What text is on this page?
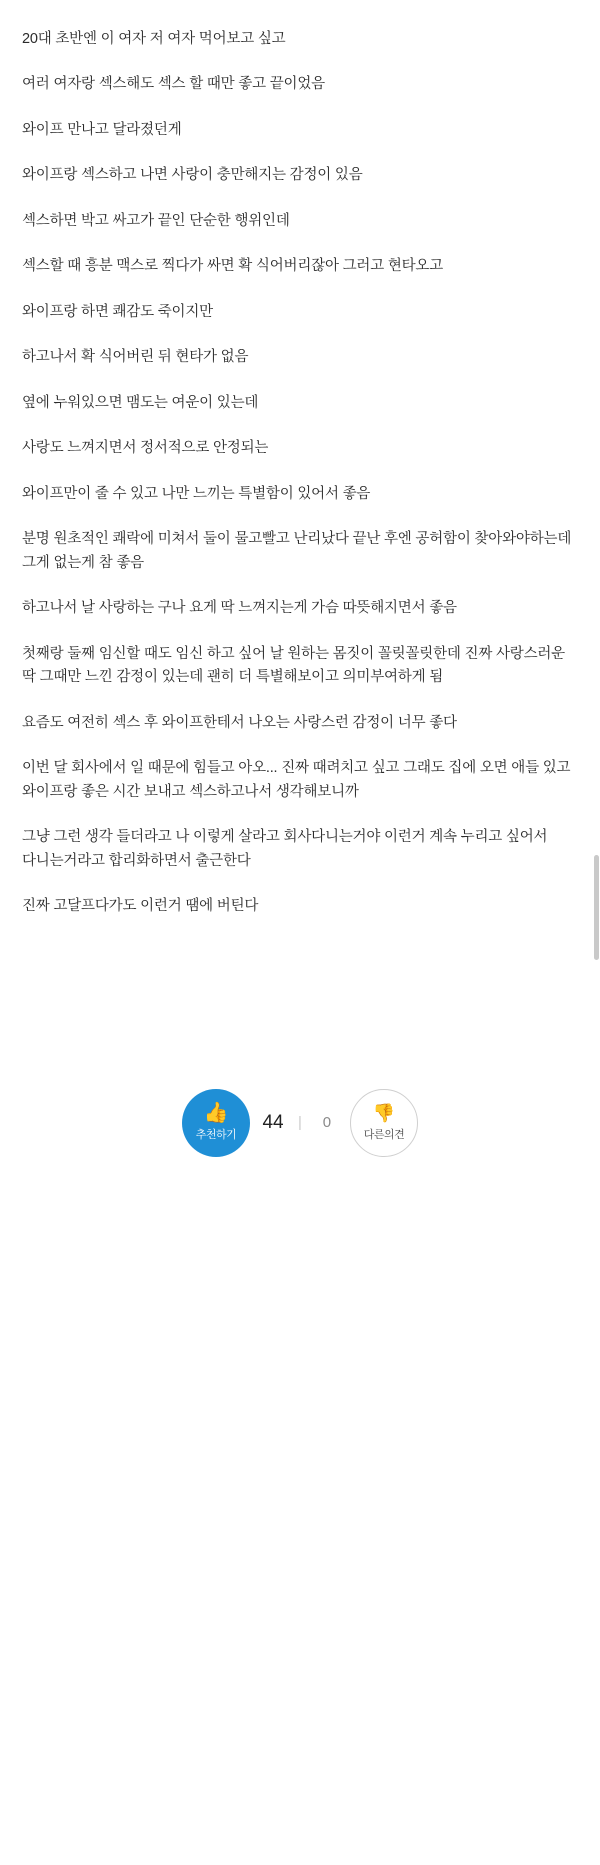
20대 초반엔 이 여자 저 여자 먹어보고 싶고

여러 여자랑 섹스해도 섹스 할 때만 좋고 끝이었음

와이프 만나고 달라졌던게

와이프랑 섹스하고 나면 사랑이 충만해지는 감정이 있음

섹스하면 박고 싸고가 끝인 단순한 행위인데

섹스할 때 흥분 맥스로 찍다가 싸면 확 식어버리잖아 그러고 현타오고

와이프랑 하면 쾌감도 죽이지만

하고나서 확 식어버린 뒤 현타가 없음

옆에 누워있으면 맴도는 여운이 있는데

사랑도 느껴지면서 정서적으로 안정되는

와이프만이 줄 수 있고 나만 느끼는 특별함이 있어서 좋음

분명 원초적인 쾌락에 미쳐서 둘이 물고빨고 난리났다 끝난 후엔 공허함이 찾아와야하는데 그게 없는게 참 좋음

하고나서 날 사랑하는 구나 요게 딱 느껴지는게 가슴 따뜻해지면서 좋음

첫째랑 둘째 임신할 때도 임신 하고 싶어 날 원하는 몸짓이 꼴릿꼴릿한데 진짜 사랑스러운 딱 그때만 느낀 감정이 있는데 괜히 더 특별해보이고 의미부여하게 됨

요즘도 여전히 섹스 후 와이프한테서 나오는 사랑스런 감정이 너무 좋다

이번 달 회사에서 일 때문에 힘들고 아오... 진짜 때려치고 싶고 그래도 집에 오면 애들 있고 와이프랑 좋은 시간 보내고 섹스하고나서 생각해보니까

그냥 그런 생각 들더라고 나 이렇게 살라고 회사다니는거야 이런거 계속 누리고 싶어서 다니는거라고 합리화하면서 출근한다

진짜 고달프다가도 이런거 땜에 버틴다

👍
추천하기
44 |	0	👎
다른의견
